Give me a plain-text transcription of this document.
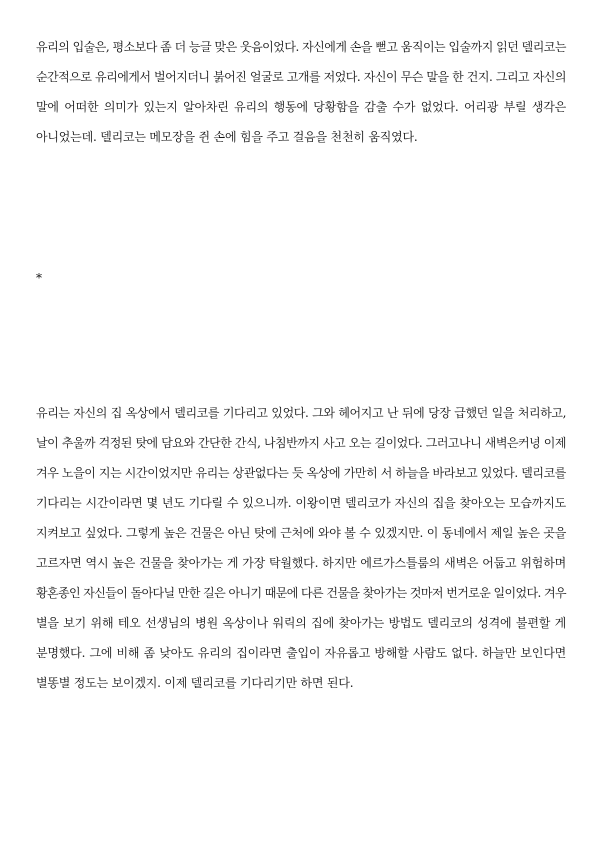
유리의 입술은, 평소보다 좀 더 능글 맞은 웃음이었다. 자신에게 손을 뻗고 움직이는 입술까지 읽던 델리코는
순간적으로 유리에게서 벌어지더니 붉어진 얼굴로 고개를 저었다. 자신이 무슨 말을 한 건지. 그리고 자신의
말에 어떠한 의미가 있는지 알아차린 유리의 행동에 당황함을 감출 수가 없었다. 어리광 부릴 생각은
아니었는데. 델리코는 메모장을 쥔 손에 힘을 주고 걸음을 천천히 움직였다.
*
유리는 자신의 집 옥상에서 델리코를 기다리고 있었다. 그와 헤어지고 난 뒤에 당장 급했던 일을 처리하고,
날이 추울까 걱정된 탓에 담요와 간단한 간식, 나침반까지 사고 오는 길이었다. 그러고나니 새벽은커녕 이제
겨우 노을이 지는 시간이었지만 유리는 상관없다는 듯 옥상에 가만히 서 하늘을 바라보고 있었다. 델리코를
기다리는 시간이라면 몇 년도 기다릴 수 있으니까. 이왕이면 델리코가 자신의 집을 찾아오는 모습까지도
지켜보고 싶었다. 그렇게 높은 건물은 아닌 탓에 근처에 와야 볼 수 있겠지만. 이 동네에서 제일 높은 곳을
고르자면 역시 높은 건물을 찾아가는 게 가장 탁월했다. 하지만 에르가스틀룸의 새벽은 어둡고 위험하며
황혼종인 자신들이 돌아다닐 만한 길은 아니기 때문에 다른 건물을 찾아가는 것마저 번거로운 일이었다. 겨우
별을 보기 위해 테오 선생님의 병원 옥상이나 워릭의 집에 찾아가는 방법도 델리코의 성격에 불편할 게
분명했다. 그에 비해 좀 낮아도 유리의 집이라면 출입이 자유롭고 방해할 사람도 없다. 하늘만 보인다면
별똥별 정도는 보이겠지. 이제 델리코를 기다리기만 하면 된다.
